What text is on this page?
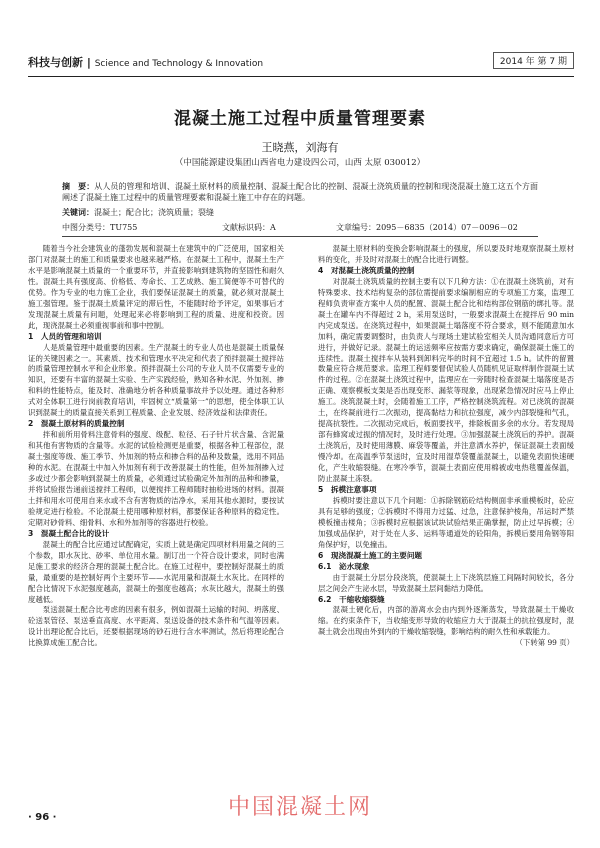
科技与创新 | Science and Technology & Innovation	2014 年 第 7 期
混凝土施工过程中质量管理要素
王晓燕，刘海有
（中国能源建设集团山西省电力建设四公司，山西 太原 030012）
摘　要：从人员的管理和培训、混凝土原材料的质量控制、混凝土配合比的控制、混凝土浇筑质量的控制和现浇混凝土施工这五个方面阐述了混凝土施工过程中的质量管理要素和混凝土施工中存在的问题。
关键词：混凝土；配合比；浇筑质量；裂缝
中图分类号：TU755	文献标识码：A	文章编号：2095－6835（2014）07－0096－02

随着当今社会建筑业的蓬勃发展和混凝土在建筑中的广泛使用，国家相关部门对混凝土的施工和质量要求也越来越严格。在混凝土工程中，混凝土生产水平是影响混凝土质量的一个重要环节，并直接影响到建筑物的坚固性和耐久性。混凝土具有强度高、价格低、寿命长、工艺成熟、施工简便等不可替代的优势。作为专业的电力施工企业，我们要保证混凝土的质量，就必须对混凝土施工强管理。鉴于混凝土质量评定的滞后性，不能随时给予评定，如果事后才发现混凝土质量有问题，处理起来必将影响到工程的质量、进度和投资。因此，现浇混凝土必须重视事前和事中控制。

1　人员的管理和培训

人是质量管理中最重要的因素。生产混凝土的专业人员也是混凝土质量保证的关键因素之一。其素质、技术和管理水平决定和代表了预拌混凝土搅拌站的质量管理控制水平和企业形象。预拌混凝土公司的专业人员不仅需要专业的知识，还要有丰富的混凝土实验、生产实践经验，熟知各种水泥、外加剂、掺和料的性能特点，能及时、准确地分析各种质量事故并予以处理。通过各种形式对全体职工进行岗前教育培训，牢固树立“质量第一”的思想，使全体职工认识到混凝土的质量直接关系到工程质量、企业发展、经济效益和法律责任。

2　混凝土原材料的质量控制

拌和前所用骨料注意骨料的强度、级配、粒径、石子针片状含量、含泥量和其他有害物质的含量等。水泥的试验检测更是重要，根据各种工程部位，混凝土强度等级、施工季节、外加剂的特点和掺合料的品种及数量，选用不同品种的水泥。在混凝土中加入外加剂有利于改善混凝土的性能，但外加剂掺入过多或过少都会影响到混凝土的质量，必须通过试验确定外加剂的品种和掺量，并将试验报告递前送搅拌工程师，以便搅拌工程师随时抽检进场的材料。混凝土拌和用水可使用自来水或不含有害物质的洁净水，采用其他水源时，要按试验规定进行检验。不论混凝土使用哪种原材料，都要保证各种原料的稳定性。定期对砂骨料、细骨料、水和外加剂等的容器进行校验。

3　混凝土配合比的设计

混凝土的配合比应通过试配确定，实质上就是确定四项材料用量之间的三个参数，即水灰比、砂率、单位用水量。制订出一个符合设计要求，同时也满足施工要求的经济合理的混凝土配合比。在施工过程中，要控制好混凝土的质量，最重要的是控制好两个主要环节——水泥用量和混凝土水灰比。在同样的配合比情况下水泥强度越高，混凝土的强度也越高；水灰比越大，混凝土的强度越低。

泵送混凝土配合比考虑的因素有很多，例如混凝土运输的时间、坍落度、砼送泵管径、泵送垂直高度、水平距离、泵送设备的技术条件和气温等因素。设计出理论配合比后，还要根据现场的砂石进行含水率测试，然后将理论配合比换算成施工配合比。

混凝土原材料的变换会影响混凝土的强度，所以要及时地观察混凝土原材料的变化，并及时对混凝土的配合比进行调整。

4　对混凝土浇筑质量的控制

对混凝土浇筑质量的控制主要有以下几种方法：①在混凝土浇筑前，对有特殊要求、技术结构复杂的部位需提前要求编制相应的专项施工方案，监理工程师负责审查方案中人员的配置、混凝土配合比和结构部位钢筋的绑扎等。混凝土在罐车内不得超过 2 h，采用泵送时，一般要求混凝土在搅拌后 90 min 内完成泵送。在浇筑过程中，如果混凝土塌落度不符合要求，则不能随意加水加料，确定需要调整时，由负责人与现场土建试验室相关人员沟通同意后方可进行，并做好记录。混凝土的运送频率应按需方要求确定，确保混凝土施工的连续性。混凝土搅拌车从装料到卸料完毕的时间不宜超过 1.5 h。试件的留置数量应符合规范要求。监理工程师要督促试验人员随机见证取样制作混凝土试件的过程。②在混凝土浇筑过程中，监理应在一旁随时检查混凝土塌落度是否正确、观察模板支架是否出现变形、漏浆等现象，出现紧急情况时应马上停止施工。浇筑混凝土时，会随着施工工序，严格控制浇筑流程。对已浇筑的混凝土，在终凝前进行二次振动，提高黏结力和抗拉强度，减少内部裂缝和气孔，提高抗裂性。二次振动完成后，板面要找平，排除板面多余的水分。若发现局部有蜂窝或过振的情况时，及时进行处理。③加强混凝土浇筑后的养护。混凝土浇筑后，及时使用薄膜、麻袋等覆盖，并注意洒水养护，保证混凝土表面缓慢冷却。在高温季节泵送时，宜及时用湿草袋覆盖混凝土，以避免表面快速硬化，产生收缩裂缝。在寒冷季节，混凝土表面应使用棉被或电热毯覆盖保温，防止混凝土冻裂。

5　拆模注意事项

拆模时要注意以下几个问题：①拆除钢筋砼结构侧面非承重模板时，砼应具有足够的强度；②拆模时不得用力过猛、过急，注意保护棱角，吊运时严禁模板撞击楼角；③拆模时应根据该试块试验结果正确掌握，防止过早拆模；④加强成品保护，对于处在人多、运料等通道处的砼阳角，拆模后要用角钢等阳角保护好，以免撞击。

6　现浇混凝土施工的主要问题
6.1　泌水现象

由于混凝土分层分段浇筑，使混凝土上下浇筑层施工间隔时间较长，各分层之间会产生泌水层，导致混凝土层间黏结力降低。

6.2　干缩收缩裂缝

混凝土硬化后，内部的游离水会由内到外逐渐蒸发，导致混凝土干燥收缩。在约束条件下，当收缩变形导致的收缩应力大于混凝土的抗拉强度时，混凝土就会出现由外到内的干燥收缩裂缝，影响结构的耐久性和承载能力。

（下转第 99 页）
中国混凝土网
· 96 ·
